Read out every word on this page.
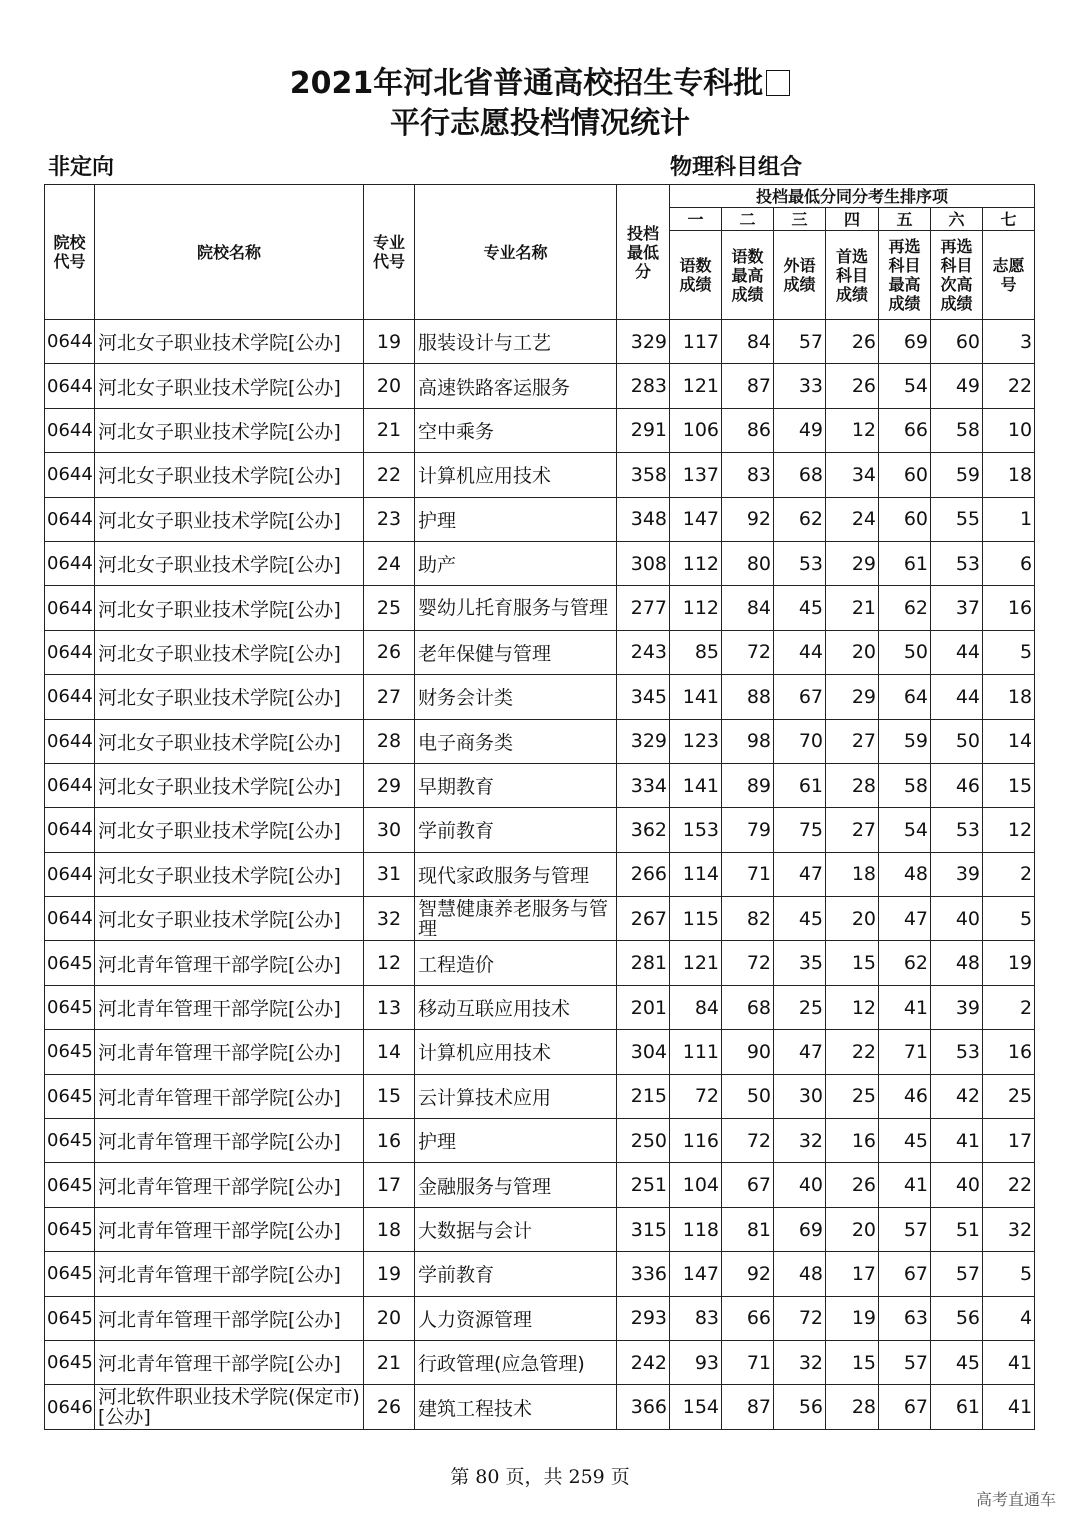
2021年河北省普通高校招生专科批
平行志愿投档情况统计
非定向	物理科目组合
院校代号	院校名称	专业代号	专业名称	投档最低分	投档最低分同分考生排序项						
					一	二	三	四	五	六	七
					语数成绩	语数最高成绩	外语成绩	首选科目成绩	再选科目最高成绩	再选科目次高成绩	志愿号
0644	河北女子职业技术学院[公办]	19	服装设计与工艺	329	117	84	57	26	69	60	3
0644	河北女子职业技术学院[公办]	20	高速铁路客运服务	283	121	87	33	26	54	49	22
0644	河北女子职业技术学院[公办]	21	空中乘务	291	106	86	49	12	66	58	10
0644	河北女子职业技术学院[公办]	22	计算机应用技术	358	137	83	68	34	60	59	18
0644	河北女子职业技术学院[公办]	23	护理	348	147	92	62	24	60	55	1
0644	河北女子职业技术学院[公办]	24	助产	308	112	80	53	29	61	53	6
0644	河北女子职业技术学院[公办]	25	婴幼儿托育服务与管理	277	112	84	45	21	62	37	16
0644	河北女子职业技术学院[公办]	26	老年保健与管理	243	85	72	44	20	50	44	5
0644	河北女子职业技术学院[公办]	27	财务会计类	345	141	88	67	29	64	44	18
0644	河北女子职业技术学院[公办]	28	电子商务类	329	123	98	70	27	59	50	14
0644	河北女子职业技术学院[公办]	29	早期教育	334	141	89	61	28	58	46	15
0644	河北女子职业技术学院[公办]	30	学前教育	362	153	79	75	27	54	53	12
0644	河北女子职业技术学院[公办]	31	现代家政服务与管理	266	114	71	47	18	48	39	2
0644	河北女子职业技术学院[公办]	32	智慧健康养老服务与管理	267	115	82	45	20	47	40	5
0645	河北青年管理干部学院[公办]	12	工程造价	281	121	72	35	15	62	48	19
0645	河北青年管理干部学院[公办]	13	移动互联应用技术	201	84	68	25	12	41	39	2
0645	河北青年管理干部学院[公办]	14	计算机应用技术	304	111	90	47	22	71	53	16
0645	河北青年管理干部学院[公办]	15	云计算技术应用	215	72	50	30	25	46	42	25
0645	河北青年管理干部学院[公办]	16	护理	250	116	72	32	16	45	41	17
0645	河北青年管理干部学院[公办]	17	金融服务与管理	251	104	67	40	26	41	40	22
0645	河北青年管理干部学院[公办]	18	大数据与会计	315	118	81	69	20	57	51	32
0645	河北青年管理干部学院[公办]	19	学前教育	336	147	92	48	17	67	57	5
0645	河北青年管理干部学院[公办]	20	人力资源管理	293	83	66	72	19	63	56	4
0645	河北青年管理干部学院[公办]	21	行政管理(应急管理)	242	93	71	32	15	57	45	41
0646	河北软件职业技术学院(保定市)[公办]	26	建筑工程技术	366	154	87	56	28	67	61	41
第 80 页，共 259 页
高考直通车
